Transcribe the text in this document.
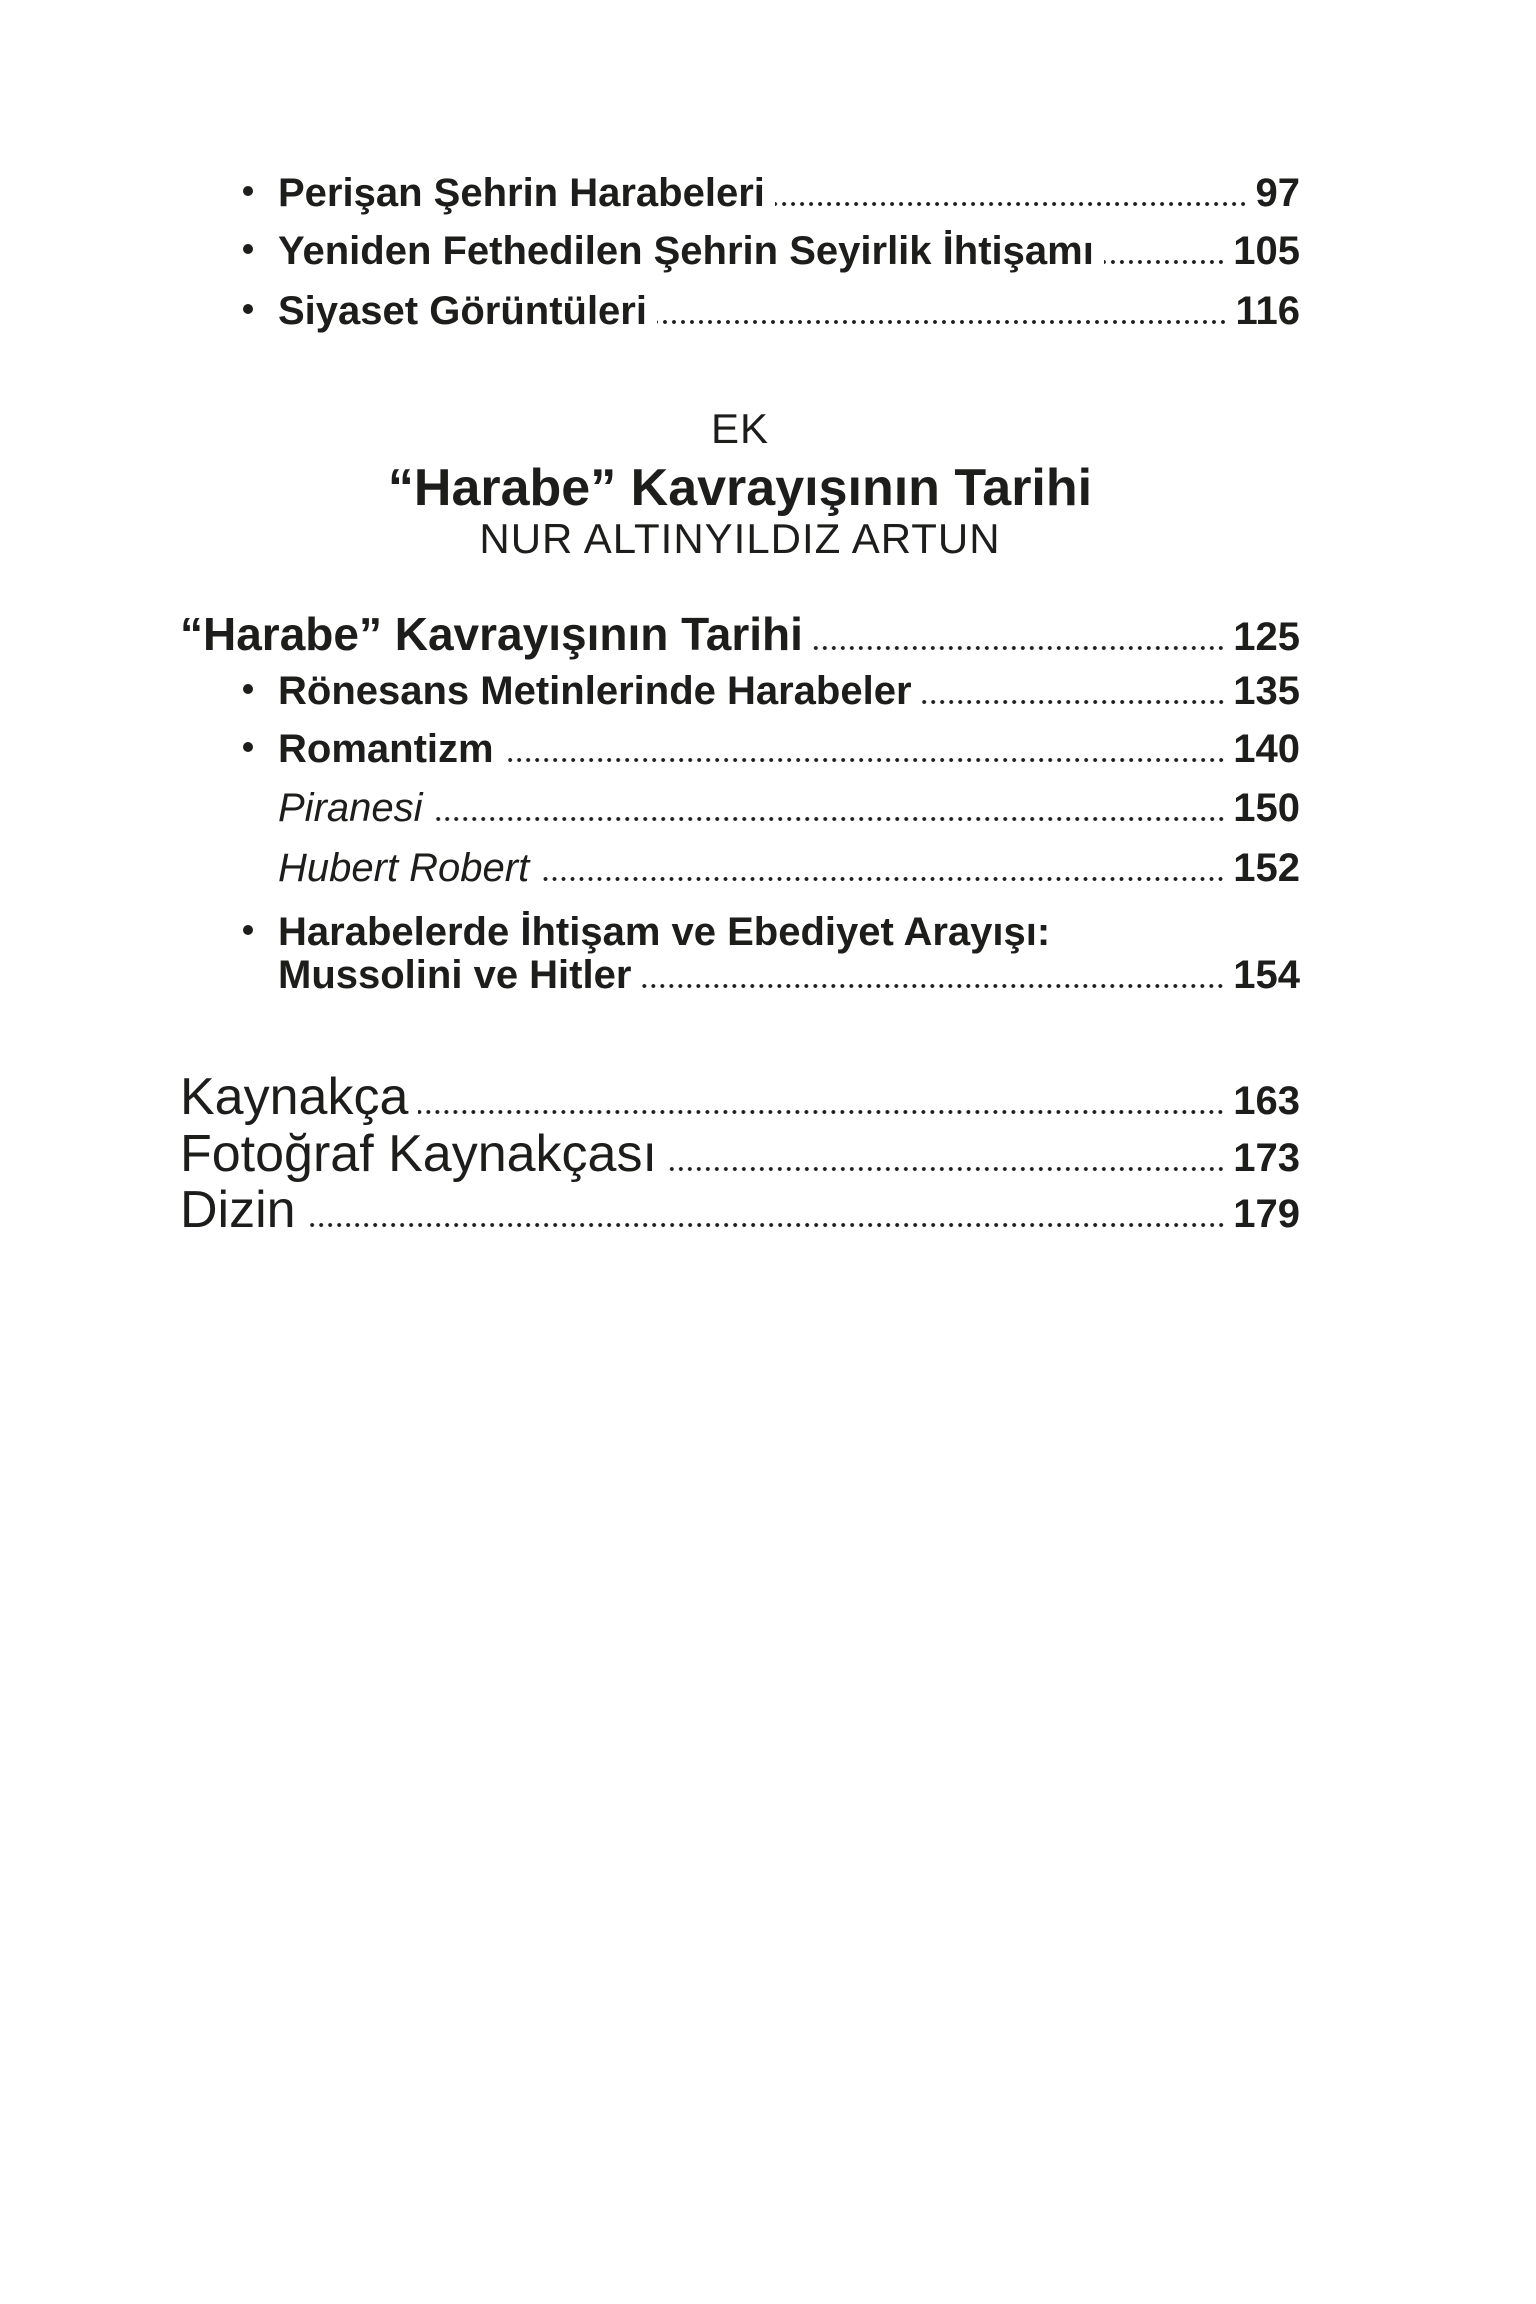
Perişan Şehrin Harabeleri	97
Yeniden Fethedilen Şehrin Seyirlik İhtişamı	105
Siyaset Görüntüleri	116
EK
“Harabe” Kavrayışının Tarihi
NUR ALTINYILDIZ ARTUN
“Harabe” Kavrayışının Tarihi	125
Rönesans Metinlerinde Harabeler	135
Romantizm	140
Piranesi	150
Hubert Robert	152
Harabelerde İhtişam ve Ebediyet Arayışı:
Mussolini ve Hitler	154
Kaynakça	163
Fotoğraf Kaynakçası	173
Dizin	179
